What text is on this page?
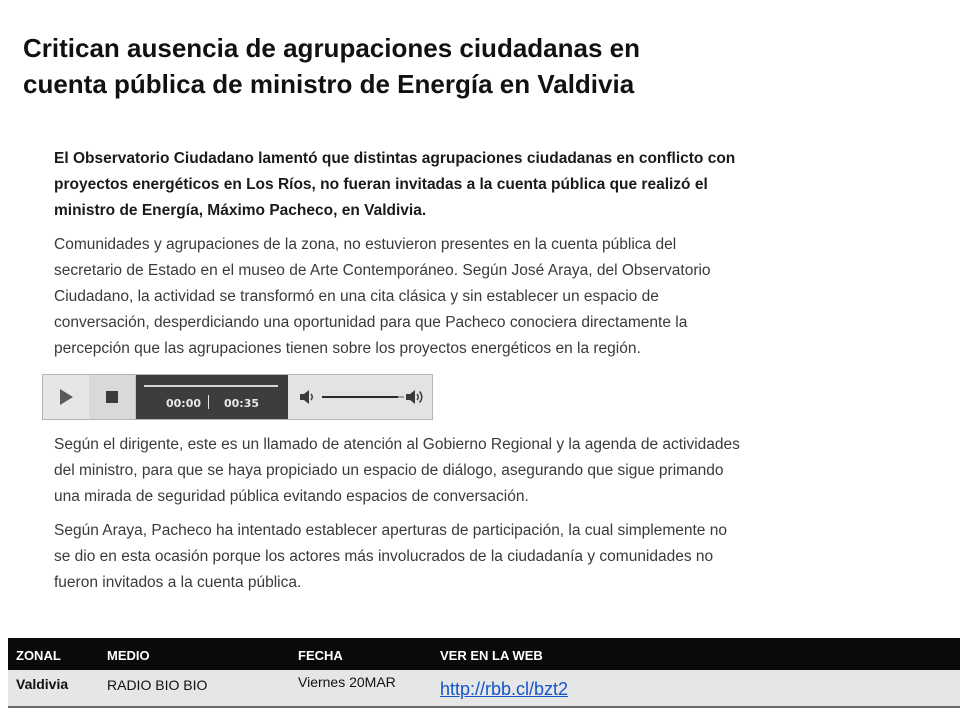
Critican ausencia de agrupaciones ciudadanas en
cuenta pública de ministro de Energía en Valdivia
El Observatorio Ciudadano lamentó que distintas agrupaciones ciudadanas en conflicto con
proyectos energéticos en Los Ríos, no fueran invitadas a la cuenta pública que realizó el
ministro de Energía, Máximo Pacheco, en Valdivia.
Comunidades y agrupaciones de la zona, no estuvieron presentes en la cuenta pública del
secretario de Estado en el museo de Arte Contemporáneo. Según José Araya, del Observatorio
Ciudadano, la actividad se transformó en una cita clásica y sin establecer un espacio de
conversación, desperdiciando una oportunidad para que Pacheco conociera directamente la
percepción que las agrupaciones tienen sobre los proyectos energéticos en la región.
00:00 00:35
Según el dirigente, este es un llamado de atención al Gobierno Regional y la agenda de actividades
del ministro, para que se haya propiciado un espacio de diálogo, asegurando que sigue primando
una mirada de seguridad pública evitando espacios de conversación.
Según Araya, Pacheco ha intentado establecer aperturas de participación, la cual simplemente no
se dio en esta ocasión porque los actores más involucrados de la ciudadanía y comunidades no
fueron invitados a la cuenta pública.
ZONAL	MEDIO	FECHA	VER EN LA WEB
Valdivia	RADIO BIO BIO	Viernes 20MAR http://rbb.cl/bzt2
